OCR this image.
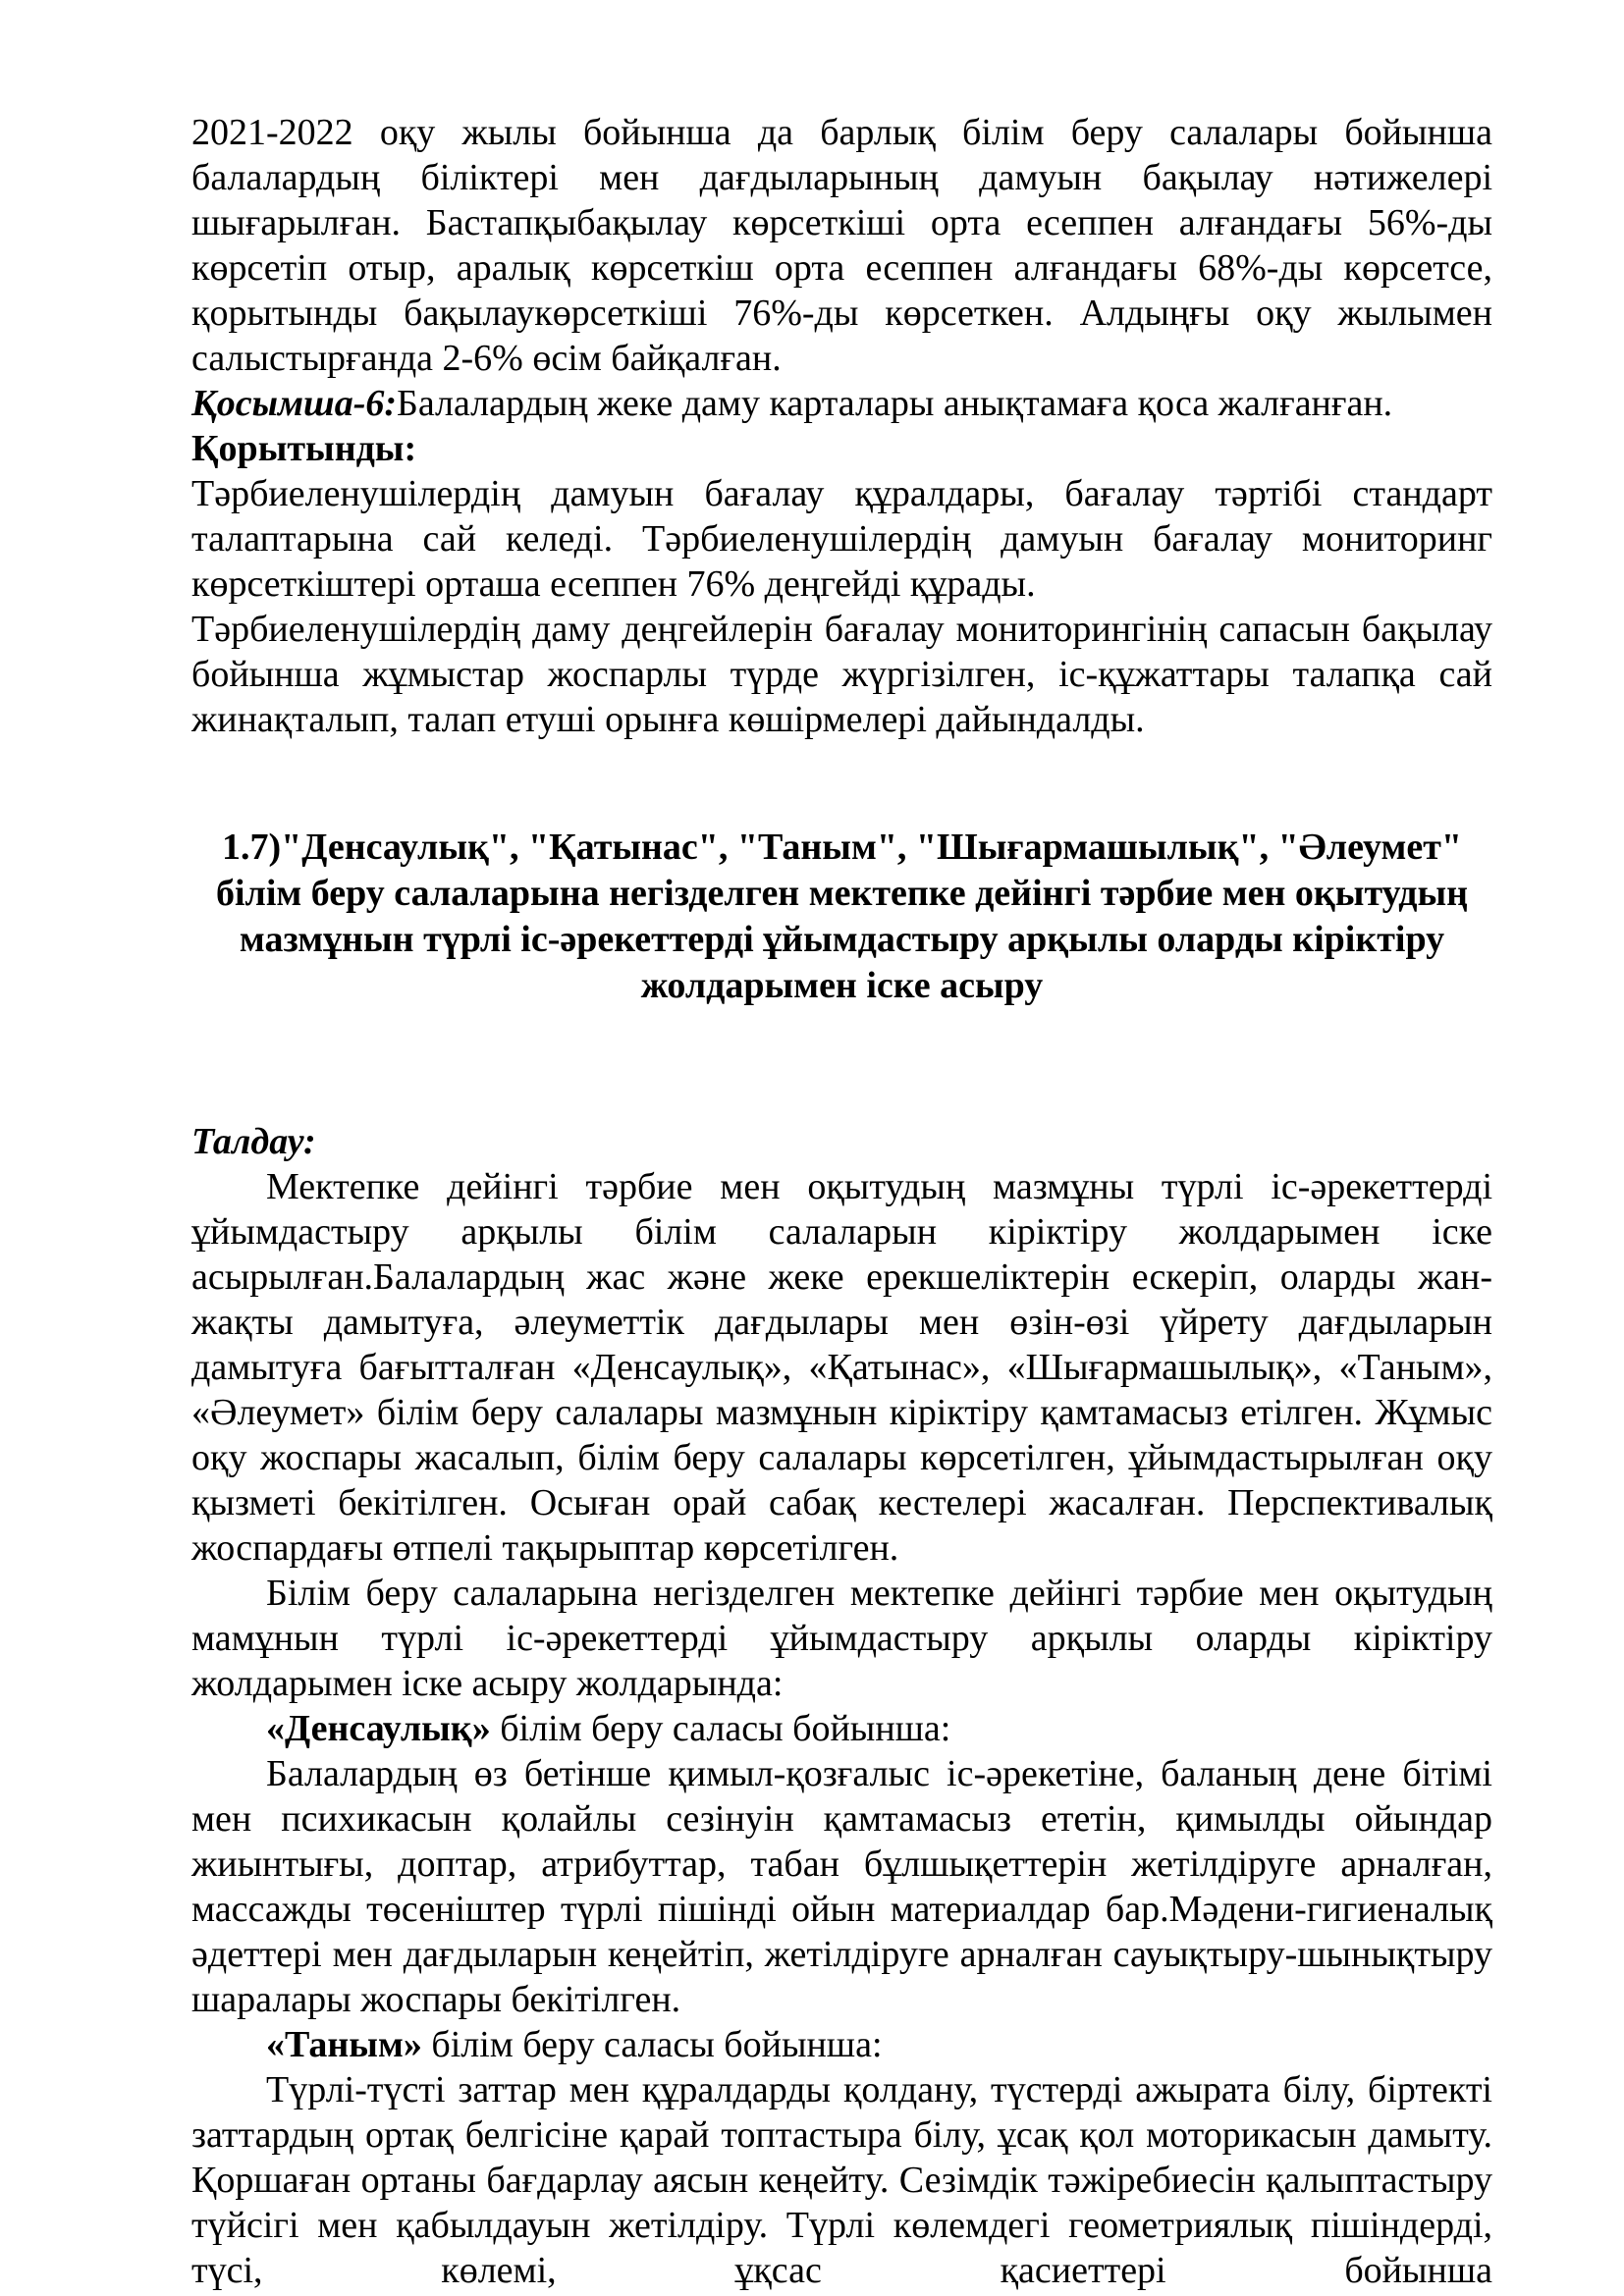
2021-2022 оқу жылы бойынша да барлық білім беру салалары бойынша балалардың біліктері мен дағдыларының дамуын бақылау нәтижелері шығарылған. Бастапқыбақылау көрсеткіші орта есеппен алғандағы 56%-ды көрсетіп отыр, аралық көрсеткіш орта есеппен алғандағы 68%-ды көрсетсе, қорытынды бақылаукөрсеткіші 76%-ды көрсеткен. Алдыңғы оқу жылымен салыстырғанда 2-6% өсім байқалған.

Қосымша-6:Балалардың жеке даму карталары анықтамаға қоса жалғанған.

Қорытынды:

Тәрбиеленушілердің дамуын бағалау құралдары, бағалау тәртібі стандарт талаптарына сай келеді. Тәрбиеленушілердің дамуын бағалау мониторинг көрсеткіштері орташа есеппен 76% деңгейді құрады.

Тәрбиеленушілердің даму деңгейлерін бағалау мониторингінің сапасын бақылау бойынша жұмыстар жоспарлы түрде жүргізілген, іс-құжаттары талапқа сай жинақталып, талап етуші орынға көшірмелері дайындалды.

1.7)"Денсаулық", "Қатынас", "Таным", "Шығармашылық", "Әлеумет" білім беру салаларына негізделген мектепке дейінгі тәрбие мен оқытудың мазмұнын түрлі іс-әрекеттерді ұйымдастыру арқылы оларды кіріктіру жолдарымен іске асыру

Талдау:

Мектепке дейінгі тәрбие мен оқытудың мазмұны түрлі іс-әрекеттерді ұйымдастыру арқылы білім салаларын кіріктіру жолдарымен іске асырылған.Балалардың жас және жеке ерекшеліктерін ескеріп, оларды жан-жақты дамытуға, әлеуметтік дағдылары мен өзін-өзі үйрету дағдыларын дамытуға бағытталған «Денсаулық», «Қатынас», «Шығармашылық», «Таным», «Әлеумет» білім беру салалары мазмұнын кіріктіру қамтамасыз етілген. Жұмыс оқу жоспары жасалып, білім беру салалары көрсетілген, ұйымдастырылған оқу қызметі бекітілген. Осыған орай сабақ кестелері жасалған. Перспективалық жоспардағы өтпелі тақырыптар көрсетілген.

Білім беру салаларына негізделген мектепке дейінгі тәрбие мен оқытудың мамұнын түрлі іс-әрекеттерді ұйымдастыру арқылы оларды кіріктіру жолдарымен іске асыру жолдарында:

«Денсаулық» білім беру саласы бойынша:

Балалардың өз бетінше қимыл-қозғалыс іс-әрекетіне, баланың дене бітімі мен психикасын қолайлы сезінуін қамтамасыз ететін, қимылды ойындар жиынтығы, доптар, атрибуттар, табан бұлшықеттерін жетілдіруге арналған, массажды төсеніштер түрлі пішінді ойын материалдар бар.Мәдени-гигиеналық әдеттері мен дағдыларын кеңейтіп, жетілдіруге арналған сауықтыру-шынықтыру шаралары жоспары бекітілген.

«Таным» білім беру саласы бойынша:

Түрлі-түсті заттар мен құралдарды қолдану, түстерді ажырата білу, біртекті заттардың ортақ белгісіне қарай топтастыра білу, ұсақ қол моторикасын дамыту. Қоршаған ортаны бағдарлау аясын кеңейту. Сезімдік тәжіребиесін қалыптастыру түйсігі мен қабылдауын жетілдіру. Түрлі көлемдегі геометриялық пішіндерді, түсі, көлемі, ұқсас қасиеттері бойынша
